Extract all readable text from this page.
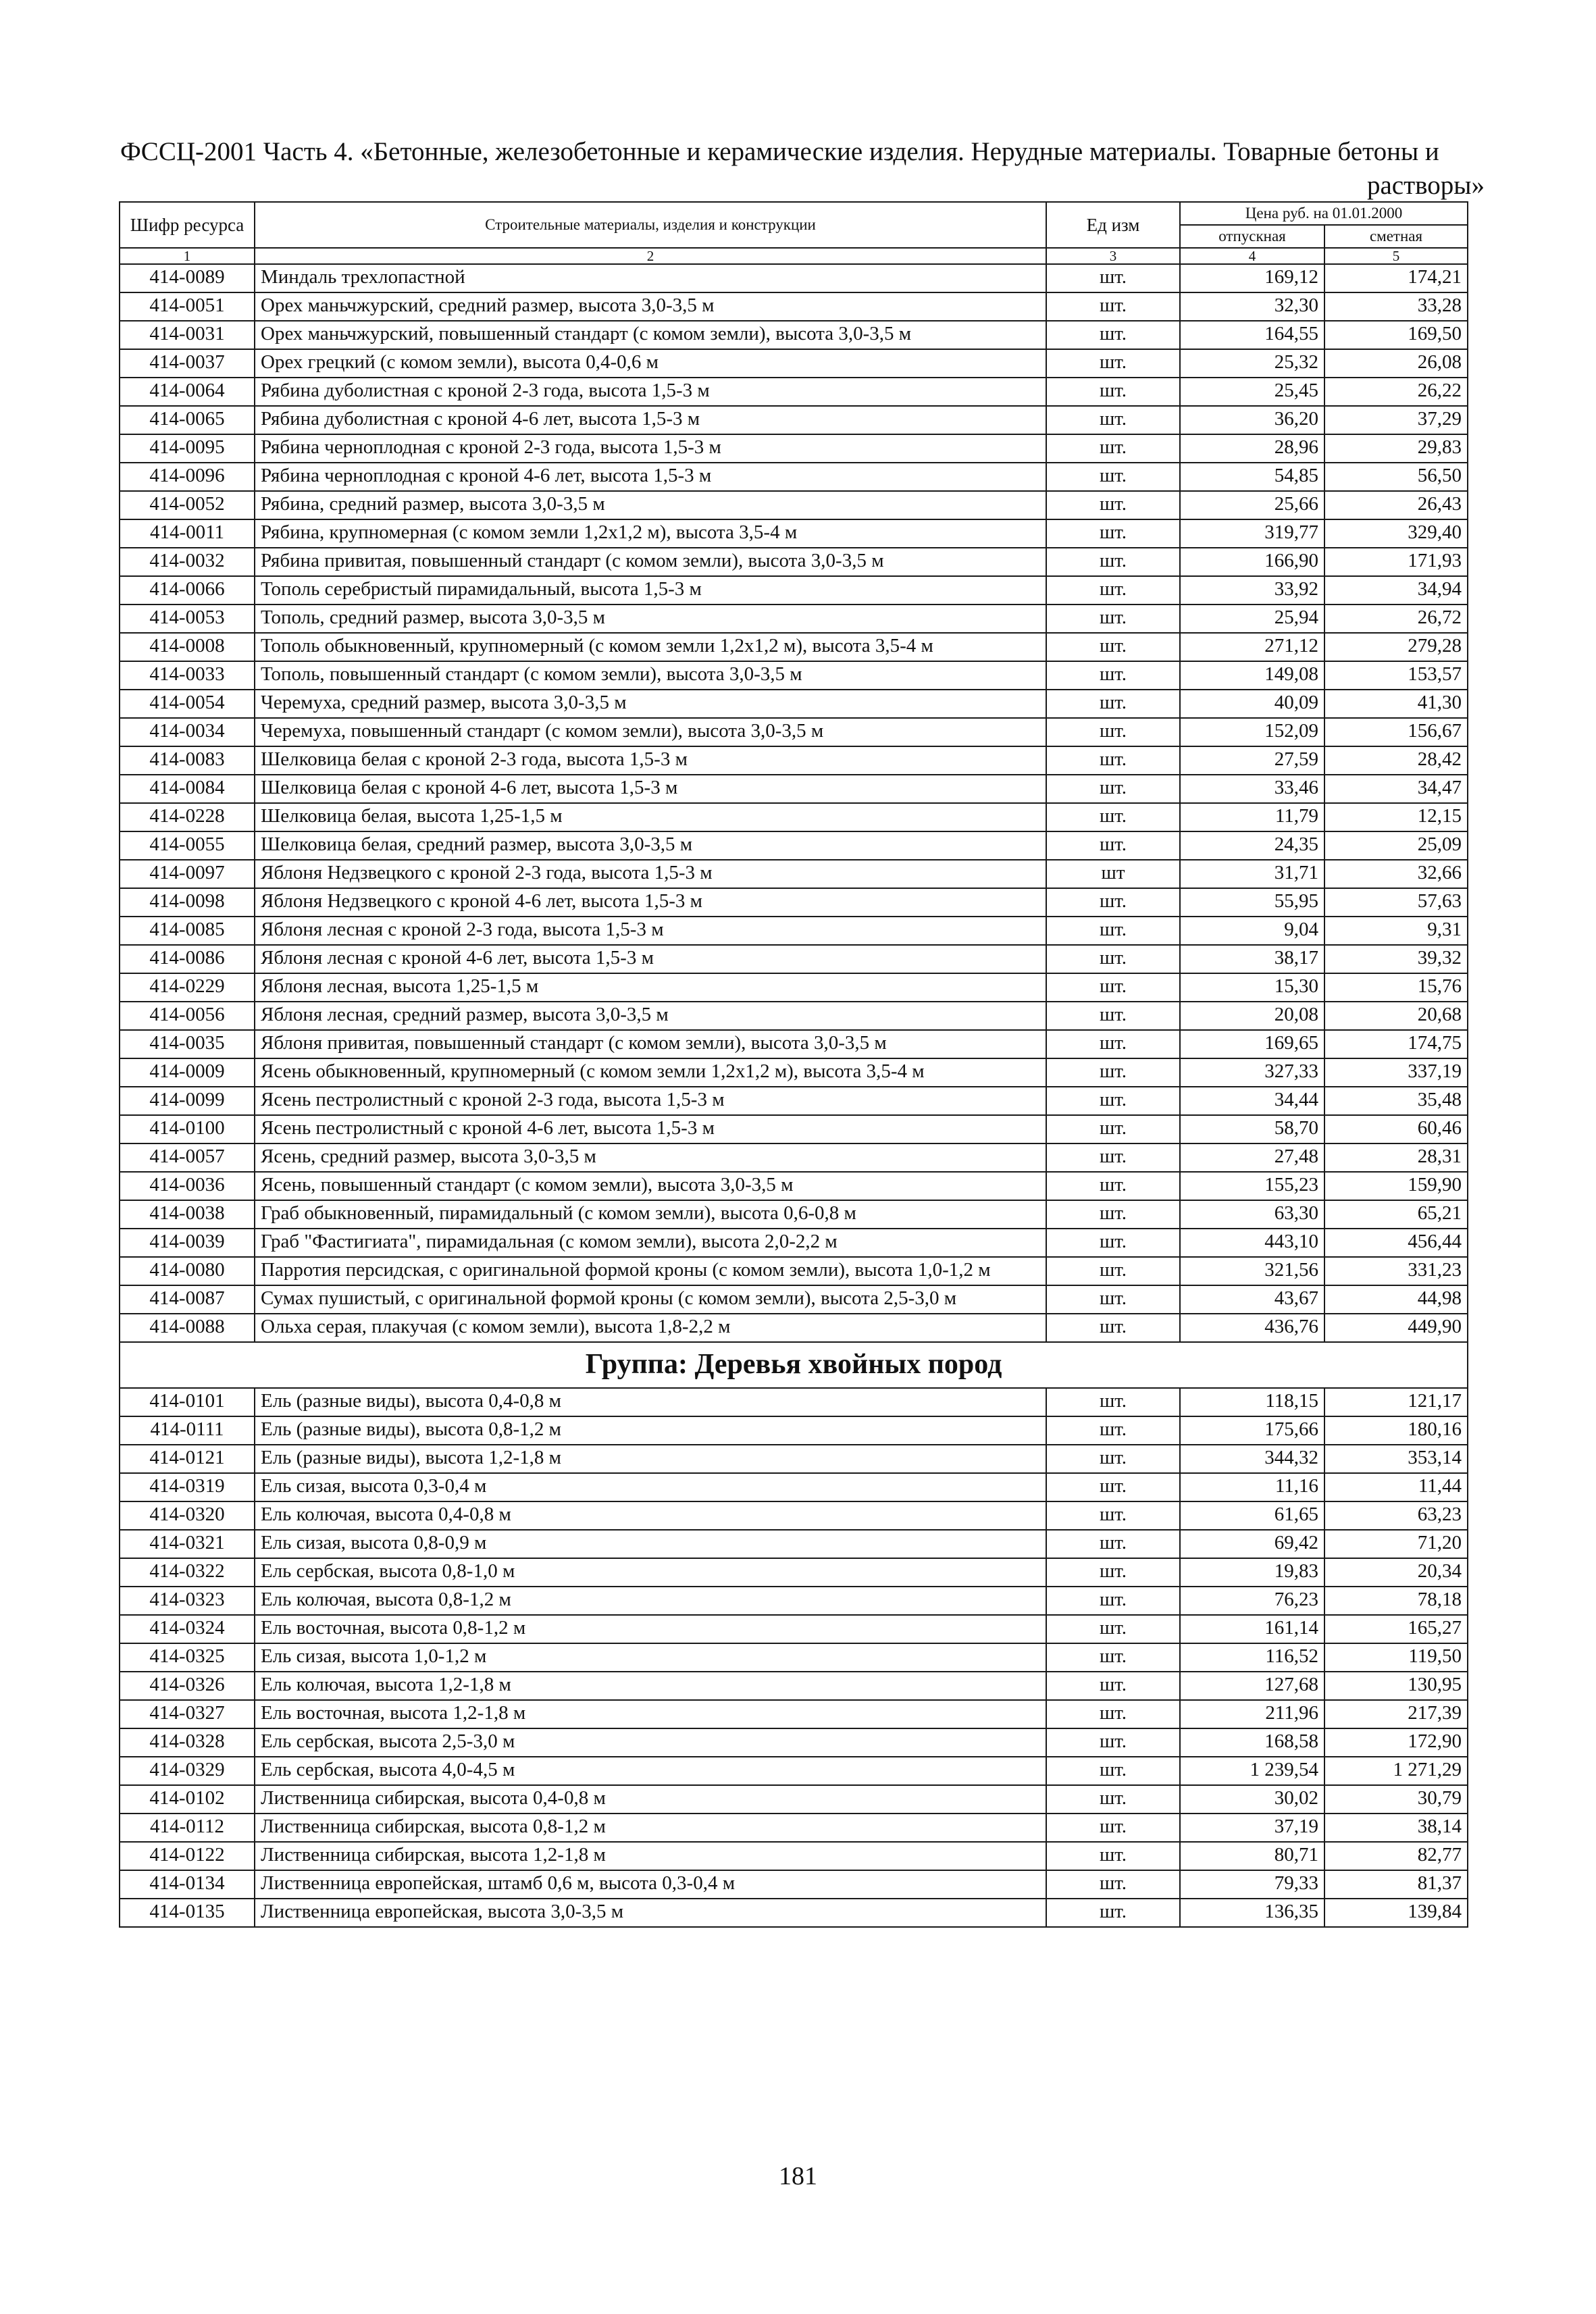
ФССЦ-2001 Часть 4. «Бетонные, железобетонные и керамические изделия. Нерудные материалы. Товарные бетоны и
растворы»
Шифр ресурса	Строительные материалы, изделия и конструкции	Ед изм	Цена руб. на 01.01.2000	
			отпускная	сметная
1	2	3	4	5
414-0089	Миндаль трехлопастной	шт.	169,12	174,21
414-0051	Орех маньчжурский, средний размер, высота 3,0-3,5 м	шт.	32,30	33,28
414-0031	Орех маньчжурский, повышенный стандарт (с комом земли), высота 3,0-3,5 м	шт.	164,55	169,50
414-0037	Орех грецкий (с комом земли), высота 0,4-0,6 м	шт.	25,32	26,08
414-0064	Рябина дуболистная с кроной 2-3 года, высота 1,5-3 м	шт.	25,45	26,22
414-0065	Рябина дуболистная с кроной 4-6 лет, высота 1,5-3 м	шт.	36,20	37,29
414-0095	Рябина черноплодная с кроной 2-3 года, высота 1,5-3 м	шт.	28,96	29,83
414-0096	Рябина черноплодная с кроной 4-6 лет, высота 1,5-3 м	шт.	54,85	56,50
414-0052	Рябина, средний размер, высота 3,0-3,5 м	шт.	25,66	26,43
414-0011	Рябина, крупномерная (с комом земли 1,2х1,2 м), высота 3,5-4 м	шт.	319,77	329,40
414-0032	Рябина привитая, повышенный стандарт (с комом земли), высота 3,0-3,5 м	шт.	166,90	171,93
414-0066	Тополь серебристый пирамидальный, высота 1,5-3 м	шт.	33,92	34,94
414-0053	Тополь, средний размер, высота 3,0-3,5 м	шт.	25,94	26,72
414-0008	Тополь обыкновенный, крупномерный (с комом земли 1,2х1,2 м), высота 3,5-4 м	шт.	271,12	279,28
414-0033	Тополь, повышенный стандарт (с комом земли), высота 3,0-3,5 м	шт.	149,08	153,57
414-0054	Черемуха, средний размер, высота 3,0-3,5 м	шт.	40,09	41,30
414-0034	Черемуха, повышенный стандарт (с комом земли), высота 3,0-3,5 м	шт.	152,09	156,67
414-0083	Шелковица белая с кроной 2-3 года, высота 1,5-3 м	шт.	27,59	28,42
414-0084	Шелковица белая с кроной 4-6 лет, высота 1,5-3 м	шт.	33,46	34,47
414-0228	Шелковица белая, высота 1,25-1,5 м	шт.	11,79	12,15
414-0055	Шелковица белая, средний размер, высота 3,0-3,5 м	шт.	24,35	25,09
414-0097	Яблоня Недзвецкого с кроной 2-3 года, высота 1,5-3 м	шт	31,71	32,66
414-0098	Яблоня Недзвецкого с кроной 4-6 лет, высота 1,5-3 м	шт.	55,95	57,63
414-0085	Яблоня лесная с кроной 2-3 года, высота 1,5-3 м	шт.	9,04	9,31
414-0086	Яблоня лесная с кроной 4-6 лет, высота 1,5-3 м	шт.	38,17	39,32
414-0229	Яблоня лесная, высота 1,25-1,5 м	шт.	15,30	15,76
414-0056	Яблоня лесная, средний размер, высота 3,0-3,5 м	шт.	20,08	20,68
414-0035	Яблоня привитая, повышенный стандарт (с комом земли), высота 3,0-3,5 м	шт.	169,65	174,75
414-0009	Ясень обыкновенный, крупномерный (с комом земли 1,2х1,2 м), высота 3,5-4 м	шт.	327,33	337,19
414-0099	Ясень пестролистный с кроной 2-3 года, высота 1,5-3 м	шт.	34,44	35,48
414-0100	Ясень пестролистный с кроной 4-6 лет, высота 1,5-3 м	шт.	58,70	60,46
414-0057	Ясень, средний размер, высота 3,0-3,5 м	шт.	27,48	28,31
414-0036	Ясень, повышенный стандарт (с комом земли), высота 3,0-3,5 м	шт.	155,23	159,90
414-0038	Граб обыкновенный, пирамидальный (с комом земли), высота 0,6-0,8 м	шт.	63,30	65,21
414-0039	Граб "Фастигиата", пирамидальная (с комом земли), высота 2,0-2,2 м	шт.	443,10	456,44
414-0080	Парротия персидская, с оригинальной формой кроны (с комом земли), высота 1,0-1,2 м	шт.	321,56	331,23
414-0087	Сумах пушистый, с оригинальной формой кроны (с комом земли), высота 2,5-3,0 м	шт.	43,67	44,98
414-0088	Ольха серая, плакучая (с комом земли), высота 1,8-2,2 м	шт.	436,76	449,90
Группа: Деревья хвойных пород				
414-0101	Ель (разные виды), высота 0,4-0,8 м	шт.	118,15	121,17
414-0111	Ель (разные виды), высота 0,8-1,2 м	шт.	175,66	180,16
414-0121	Ель (разные виды), высота 1,2-1,8 м	шт.	344,32	353,14
414-0319	Ель сизая, высота 0,3-0,4 м	шт.	11,16	11,44
414-0320	Ель колючая, высота 0,4-0,8 м	шт.	61,65	63,23
414-0321	Ель сизая, высота 0,8-0,9 м	шт.	69,42	71,20
414-0322	Ель сербская, высота 0,8-1,0 м	шт.	19,83	20,34
414-0323	Ель колючая, высота 0,8-1,2 м	шт.	76,23	78,18
414-0324	Ель восточная, высота 0,8-1,2 м	шт.	161,14	165,27
414-0325	Ель сизая, высота 1,0-1,2 м	шт.	116,52	119,50
414-0326	Ель колючая, высота 1,2-1,8 м	шт.	127,68	130,95
414-0327	Ель восточная, высота 1,2-1,8 м	шт.	211,96	217,39
414-0328	Ель сербская, высота 2,5-3,0 м	шт.	168,58	172,90
414-0329	Ель сербская, высота 4,0-4,5 м	шт.	1 239,54	1 271,29
414-0102	Лиственница сибирская, высота 0,4-0,8 м	шт.	30,02	30,79
414-0112	Лиственница сибирская, высота 0,8-1,2 м	шт.	37,19	38,14
414-0122	Лиственница сибирская, высота 1,2-1,8 м	шт.	80,71	82,77
414-0134	Лиственница европейская, штамб 0,6 м, высота 0,3-0,4 м	шт.	79,33	81,37
414-0135	Лиственница европейская, высота 3,0-3,5 м	шт.	136,35	139,84
181
